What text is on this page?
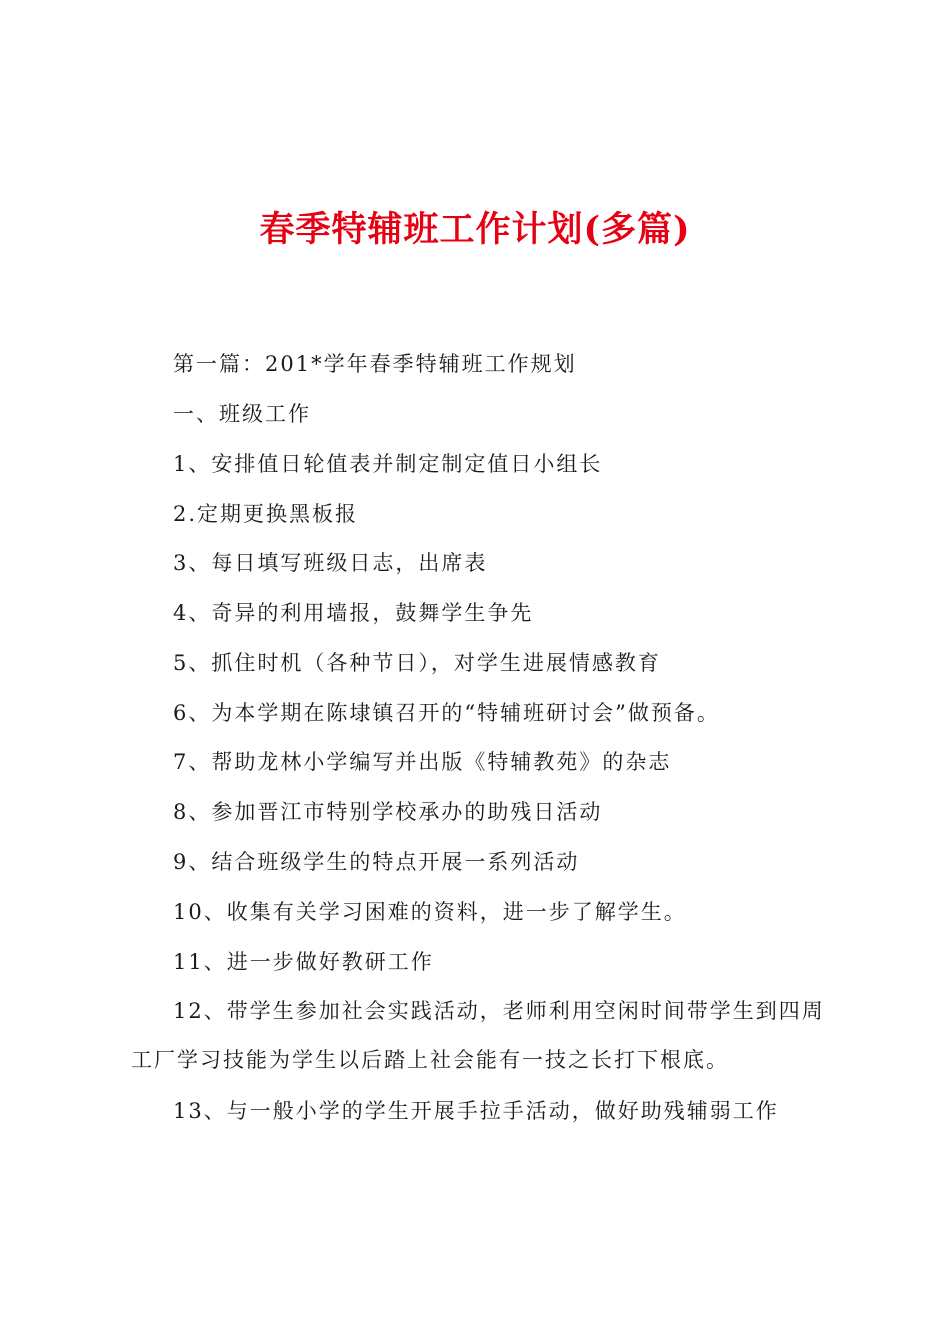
春季特辅班工作计划(多篇)

第一篇：201*学年春季特辅班工作规划

一、班级工作

1、安排值日轮值表并制定制定值日小组长

2.定期更换黑板报

3、每日填写班级日志，出席表

4、奇异的利用墙报，鼓舞学生争先

5、抓住时机（各种节日），对学生进展情感教育

6、为本学期在陈埭镇召开的“特辅班研讨会”做预备。

7、帮助龙林小学编写并出版《特辅教苑》的杂志

8、参加晋江市特别学校承办的助残日活动

9、结合班级学生的特点开展一系列活动

10、收集有关学习困难的资料，进一步了解学生。

11、进一步做好教研工作

12、带学生参加社会实践活动，老师利用空闲时间带学生到四周工厂学习技能为学生以后踏上社会能有一技之长打下根底。

13、与一般小学的学生开展手拉手活动，做好助残辅弱工作
